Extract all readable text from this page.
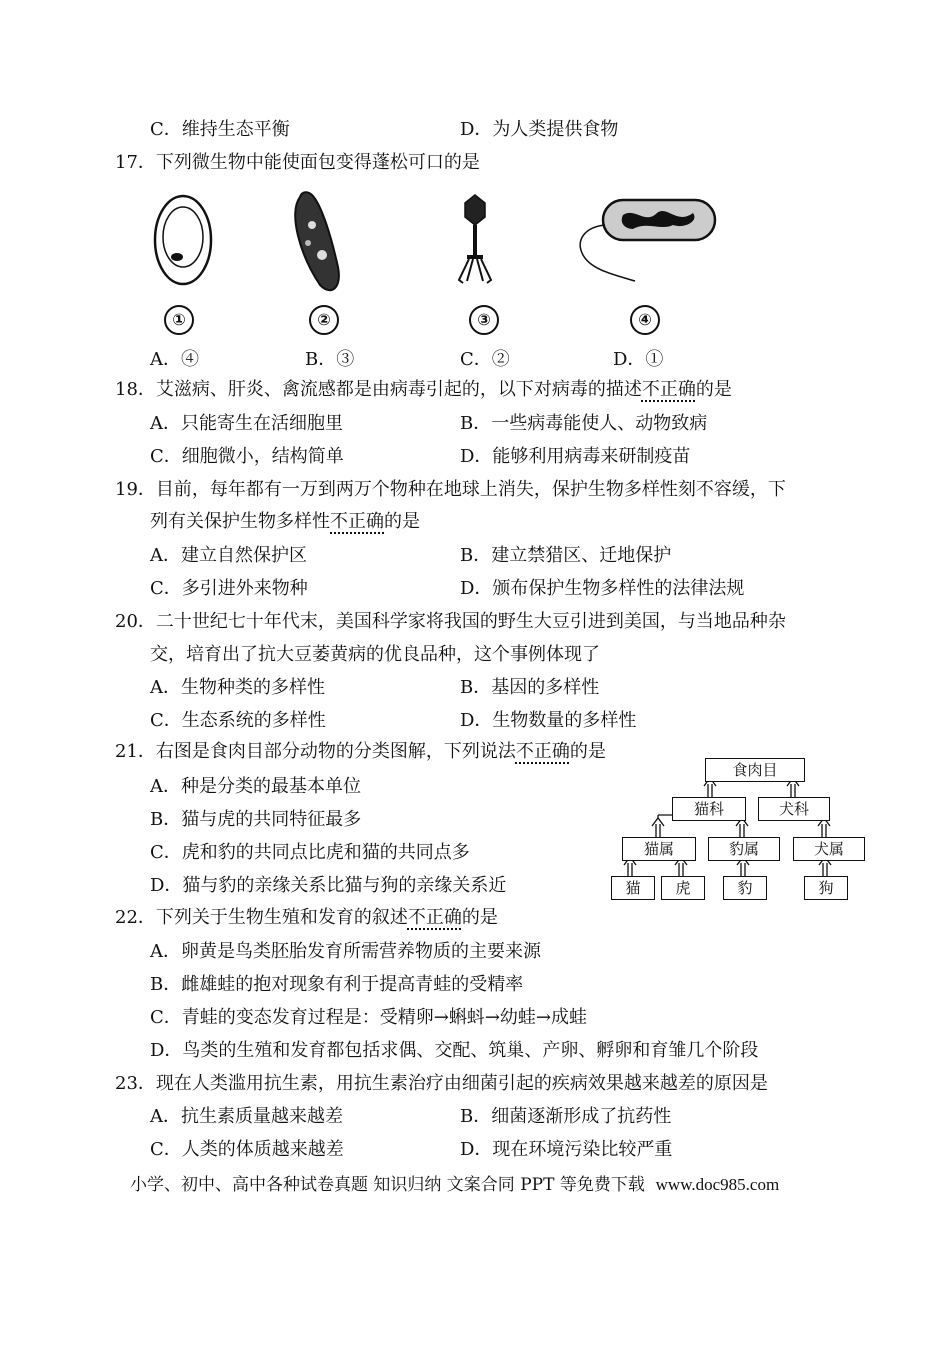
C．维持生态平衡	D．为人类提供食物
17．下列微生物中能使面包变得蓬松可口的是
①	②	③	④
A．④	B．③	C．②	D．①
18．艾滋病、肝炎、禽流感都是由病毒引起的，以下对病毒的描述不正确的是
A．只能寄生在活细胞里	B．一些病毒能使人、动物致病
C．细胞微小，结构简单	D．能够利用病毒来研制疫苗
19．目前，每年都有一万到两万个物种在地球上消失，保护生物多样性刻不容缓，下
列有关保护生物多样性不正确的是
A．建立自然保护区	B．建立禁猎区、迁地保护
C．多引进外来物种	D．颁布保护生物多样性的法律法规
20．二十世纪七十年代末，美国科学家将我国的野生大豆引进到美国，与当地品种杂
交，培育出了抗大豆萎黄病的优良品种，这个事例体现了
A．生物种类的多样性	B．基因的多样性
C．生态系统的多样性	D．生物数量的多样性
21．右图是食肉目部分动物的分类图解，下列说法不正确的是
A．种是分类的最基本单位
B．猫与虎的共同特征最多
C．虎和豹的共同点比虎和猫的共同点多
D．猫与豹的亲缘关系比猫与狗的亲缘关系近
食肉目
猫科	犬科
猫属	豹属	犬属
猫	虎	豹	狗
22．下列关于生物生殖和发育的叙述不正确的是
A．卵黄是鸟类胚胎发育所需营养物质的主要来源
B．雌雄蛙的抱对现象有利于提高青蛙的受精率
C．青蛙的变态发育过程是：受精卵→蝌蚪→幼蛙→成蛙
D．鸟类的生殖和发育都包括求偶、交配、筑巢、产卵、孵卵和育雏几个阶段
23．现在人类滥用抗生素，用抗生素治疗由细菌引起的疾病效果越来越差的原因是
A．抗生素质量越来越差	B．细菌逐渐形成了抗药性
C．人类的体质越来越差	D．现在环境污染比较严重
小学、初中、高中各种试卷真题 知识归纳 文案合同 PPT 等免费下载 www.doc985.com
